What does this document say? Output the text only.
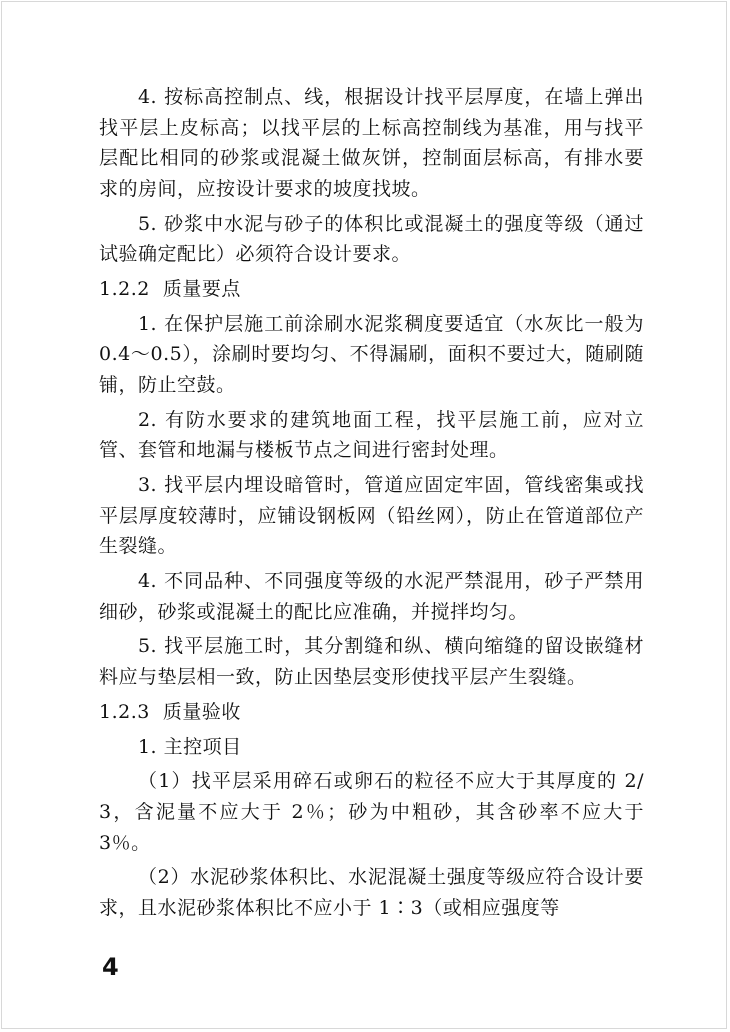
4. 按标高控制点、线，根据设计找平层厚度，在墙上弹出找平层上皮标高；以找平层的上标高控制线为基准，用与找平层配比相同的砂浆或混凝土做灰饼，控制面层标高，有排水要求的房间，应按设计要求的坡度找坡。
5. 砂浆中水泥与砂子的体积比或混凝土的强度等级（通过试验确定配比）必须符合设计要求。
1.2.2  质量要点
1. 在保护层施工前涂刷水泥浆稠度要适宜（水灰比一般为 0.4～0.5），涂刷时要均匀、不得漏刷，面积不要过大，随刷随铺，防止空鼓。
2. 有防水要求的建筑地面工程，找平层施工前，应对立管、套管和地漏与楼板节点之间进行密封处理。
3. 找平层内埋设暗管时，管道应固定牢固，管线密集或找平层厚度较薄时，应铺设钢板网（铅丝网），防止在管道部位产生裂缝。
4. 不同品种、不同强度等级的水泥严禁混用，砂子严禁用细砂，砂浆或混凝土的配比应准确，并搅拌均匀。
5. 找平层施工时，其分割缝和纵、横向缩缝的留设嵌缝材料应与垫层相一致，防止因垫层变形使找平层产生裂缝。
1.2.3  质量验收
1. 主控项目
（1）找平层采用碎石或卵石的粒径不应大于其厚度的 2/3，含泥量不应大于 2％；砂为中粗砂，其含砂率不应大于 3％。
（2）水泥砂浆体积比、水泥混凝土强度等级应符合设计要求，且水泥砂浆体积比不应小于 1∶3（或相应强度等
4
